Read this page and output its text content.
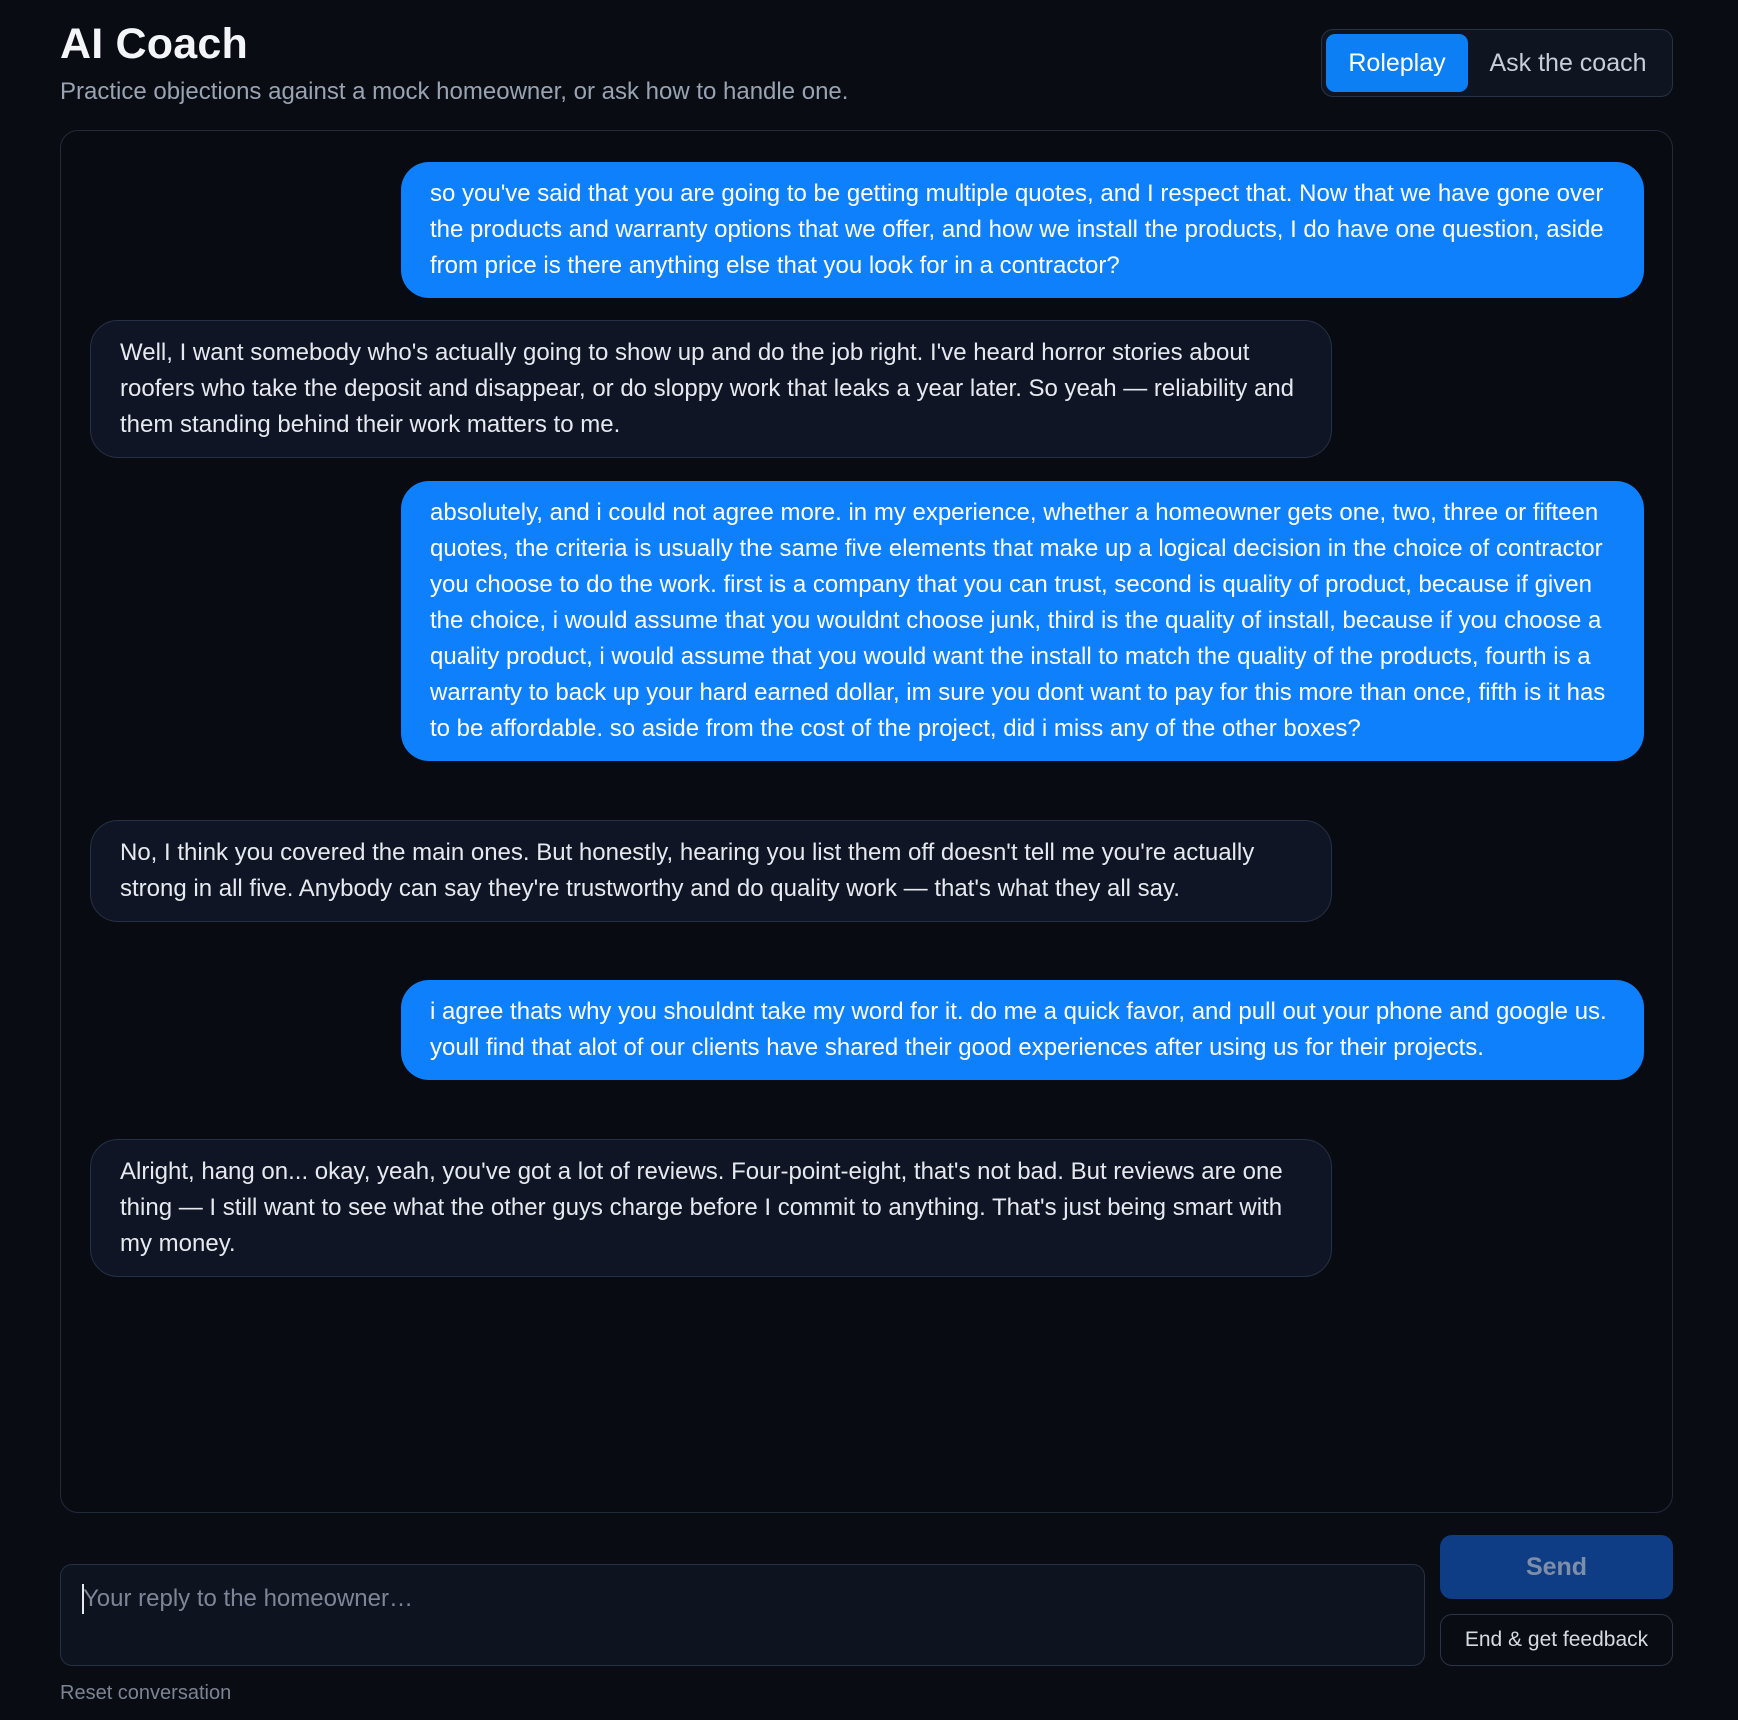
AI Coach
Practice objections against a mock homeowner, or ask how to handle one.
Roleplay	Ask the coach
so you've said that you are going to be getting multiple quotes, and I respect that. Now that we have gone over the products and warranty options that we offer, and how we install the products, I do have one question, aside from price is there anything else that you look for in a contractor?
Well, I want somebody who's actually going to show up and do the job right. I've heard horror stories about roofers who take the deposit and disappear, or do sloppy work that leaks a year later. So yeah — reliability and them standing behind their work matters to me.
absolutely, and i could not agree more. in my experience, whether a homeowner gets one, two, three or fifteen quotes, the criteria is usually the same five elements that make up a logical decision in the choice of contractor you choose to do the work. first is a company that you can trust, second is quality of product, because if given the choice, i would assume that you wouldnt choose junk, third is the quality of install, because if you choose a quality product, i would assume that you would want the install to match the quality of the products, fourth is a warranty to back up your hard earned dollar, im sure you dont want to pay for this more than once, fifth is it has to be affordable. so aside from the cost of the project, did i miss any of the other boxes?
No, I think you covered the main ones. But honestly, hearing you list them off doesn't tell me you're actually strong in all five. Anybody can say they're trustworthy and do quality work — that's what they all say.
i agree thats why you shouldnt take my word for it. do me a quick favor, and pull out your phone and google us. youll find that alot of our clients have shared their good experiences after using us for their projects.
Alright, hang on... okay, yeah, you've got a lot of reviews. Four-point-eight, that's not bad. But reviews are one thing — I still want to see what the other guys charge before I commit to anything. That's just being smart with my money.
Your reply to the homeowner…
Send
End & get feedback
Reset conversation
